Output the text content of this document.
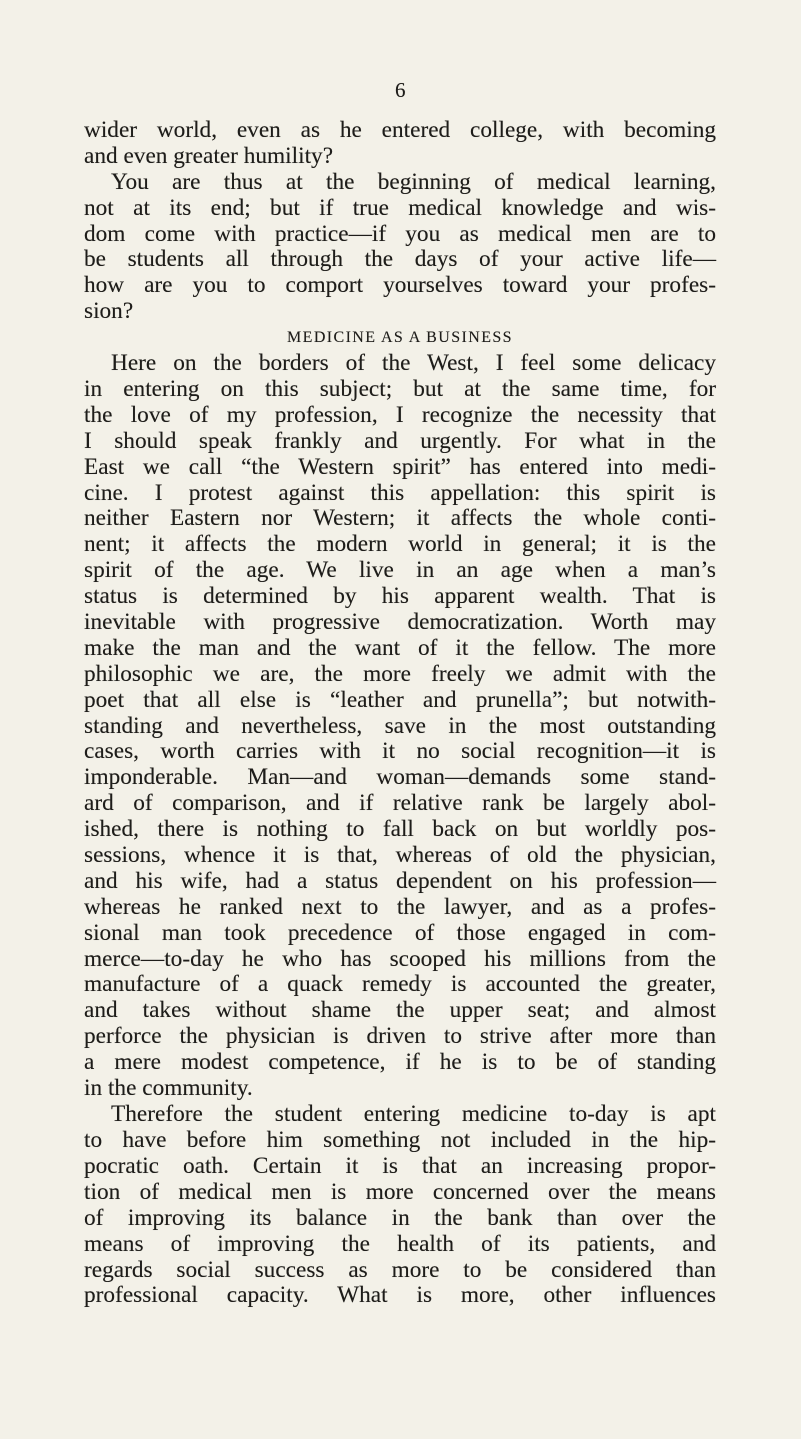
6
wider world, even as he entered college, with becoming
and even greater humility?
You are thus at the beginning of medical learning,
not at its end; but if true medical knowledge and wis-
dom come with practice—if you as medical men are to
be students all through the days of your active life—
how are you to comport yourselves toward your profes-
sion?
MEDICINE AS A BUSINESS
Here on the borders of the West, I feel some delicacy
in entering on this subject; but at the same time, for
the love of my profession, I recognize the necessity that
I should speak frankly and urgently. For what in the
East we call “the Western spirit” has entered into medi-
cine. I protest against this appellation: this spirit is
neither Eastern nor Western; it affects the whole conti-
nent; it affects the modern world in general; it is the
spirit of the age. We live in an age when a man’s
status is determined by his apparent wealth. That is
inevitable with progressive democratization. Worth may
make the man and the want of it the fellow. The more
philosophic we are, the more freely we admit with the
poet that all else is “leather and prunella”; but notwith-
standing and nevertheless, save in the most outstanding
cases, worth carries with it no social recognition—it is
imponderable. Man—and woman—demands some stand-
ard of comparison, and if relative rank be largely abol-
ished, there is nothing to fall back on but worldly pos-
sessions, whence it is that, whereas of old the physician,
and his wife, had a status dependent on his profession—
whereas he ranked next to the lawyer, and as a profes-
sional man took precedence of those engaged in com-
merce—to-day he who has scooped his millions from the
manufacture of a quack remedy is accounted the greater,
and takes without shame the upper seat; and almost
perforce the physician is driven to strive after more than
a mere modest competence, if he is to be of standing
in the community.
Therefore the student entering medicine to-day is apt
to have before him something not included in the hip-
pocratic oath. Certain it is that an increasing propor-
tion of medical men is more concerned over the means
of improving its balance in the bank than over the
means of improving the health of its patients, and
regards social success as more to be considered than
professional capacity. What is more, other influences
